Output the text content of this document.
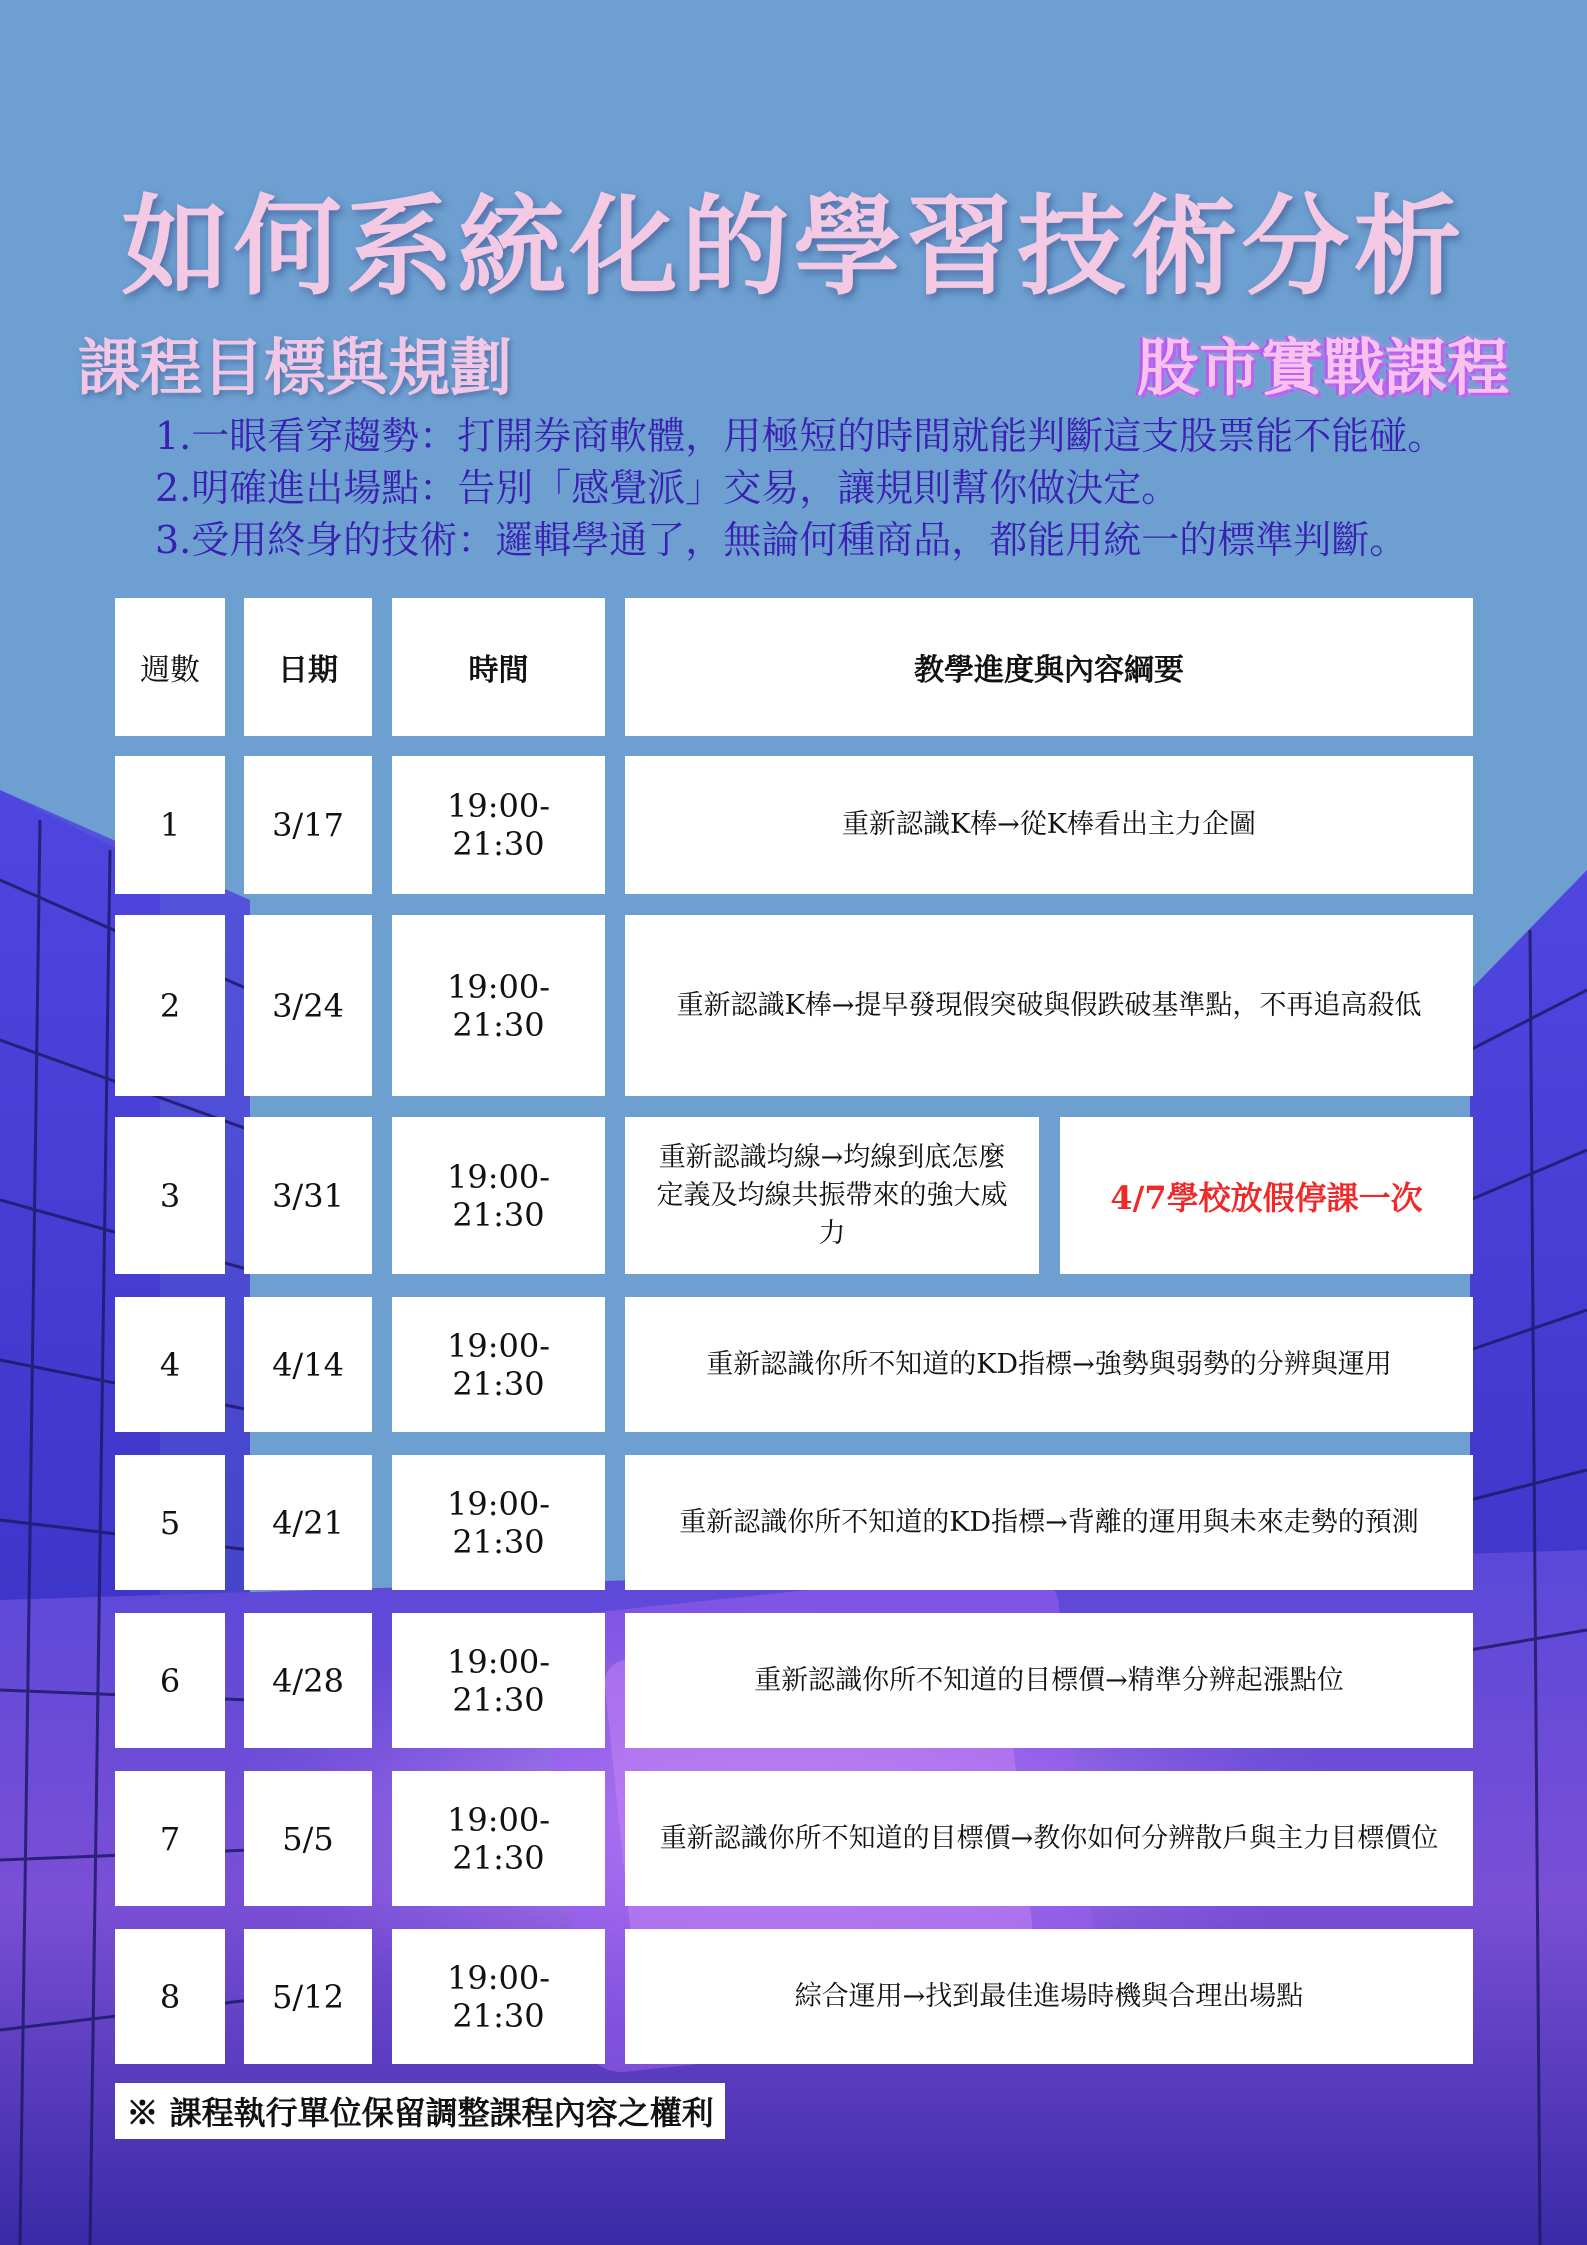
如何系統化的學習技術分析
課程目標與規劃	股市實戰課程
1.一眼看穿趨勢：打開券商軟體，用極短的時間就能判斷這支股票能不能碰。
2.明確進出場點：告別「感覺派」交易，讓規則幫你做決定。
3.受用終身的技術：邏輯學通了，無論何種商品，都能用統一的標準判斷。
週數	日期	時間	教學進度與內容綱要
1	3/17	19:00-21:30
重新認識K棒→從K棒看出主力企圖
2	3/24	19:00-21:30
重新認識K棒→提早發現假突破與假跌破基準點，不再追高殺低
3	3/31	19:00-21:30
重新認識均線→均線到底怎麼定義及均線共振帶來的強大威力
4/7學校放假停課一次
4	4/14	19:00-21:30
重新認識你所不知道的KD指標→強勢與弱勢的分辨與運用
5	4/21	19:00-21:30
重新認識你所不知道的KD指標→背離的運用與未來走勢的預測
6	4/28	19:00-21:30
重新認識你所不知道的目標價→精準分辨起漲點位
7	5/5	19:00-21:30
重新認識你所不知道的目標價→教你如何分辨散戶與主力目標價位
8	5/12	19:00-21:30
綜合運用→找到最佳進場時機與合理出場點
※ 課程執行單位保留調整課程內容之權利
